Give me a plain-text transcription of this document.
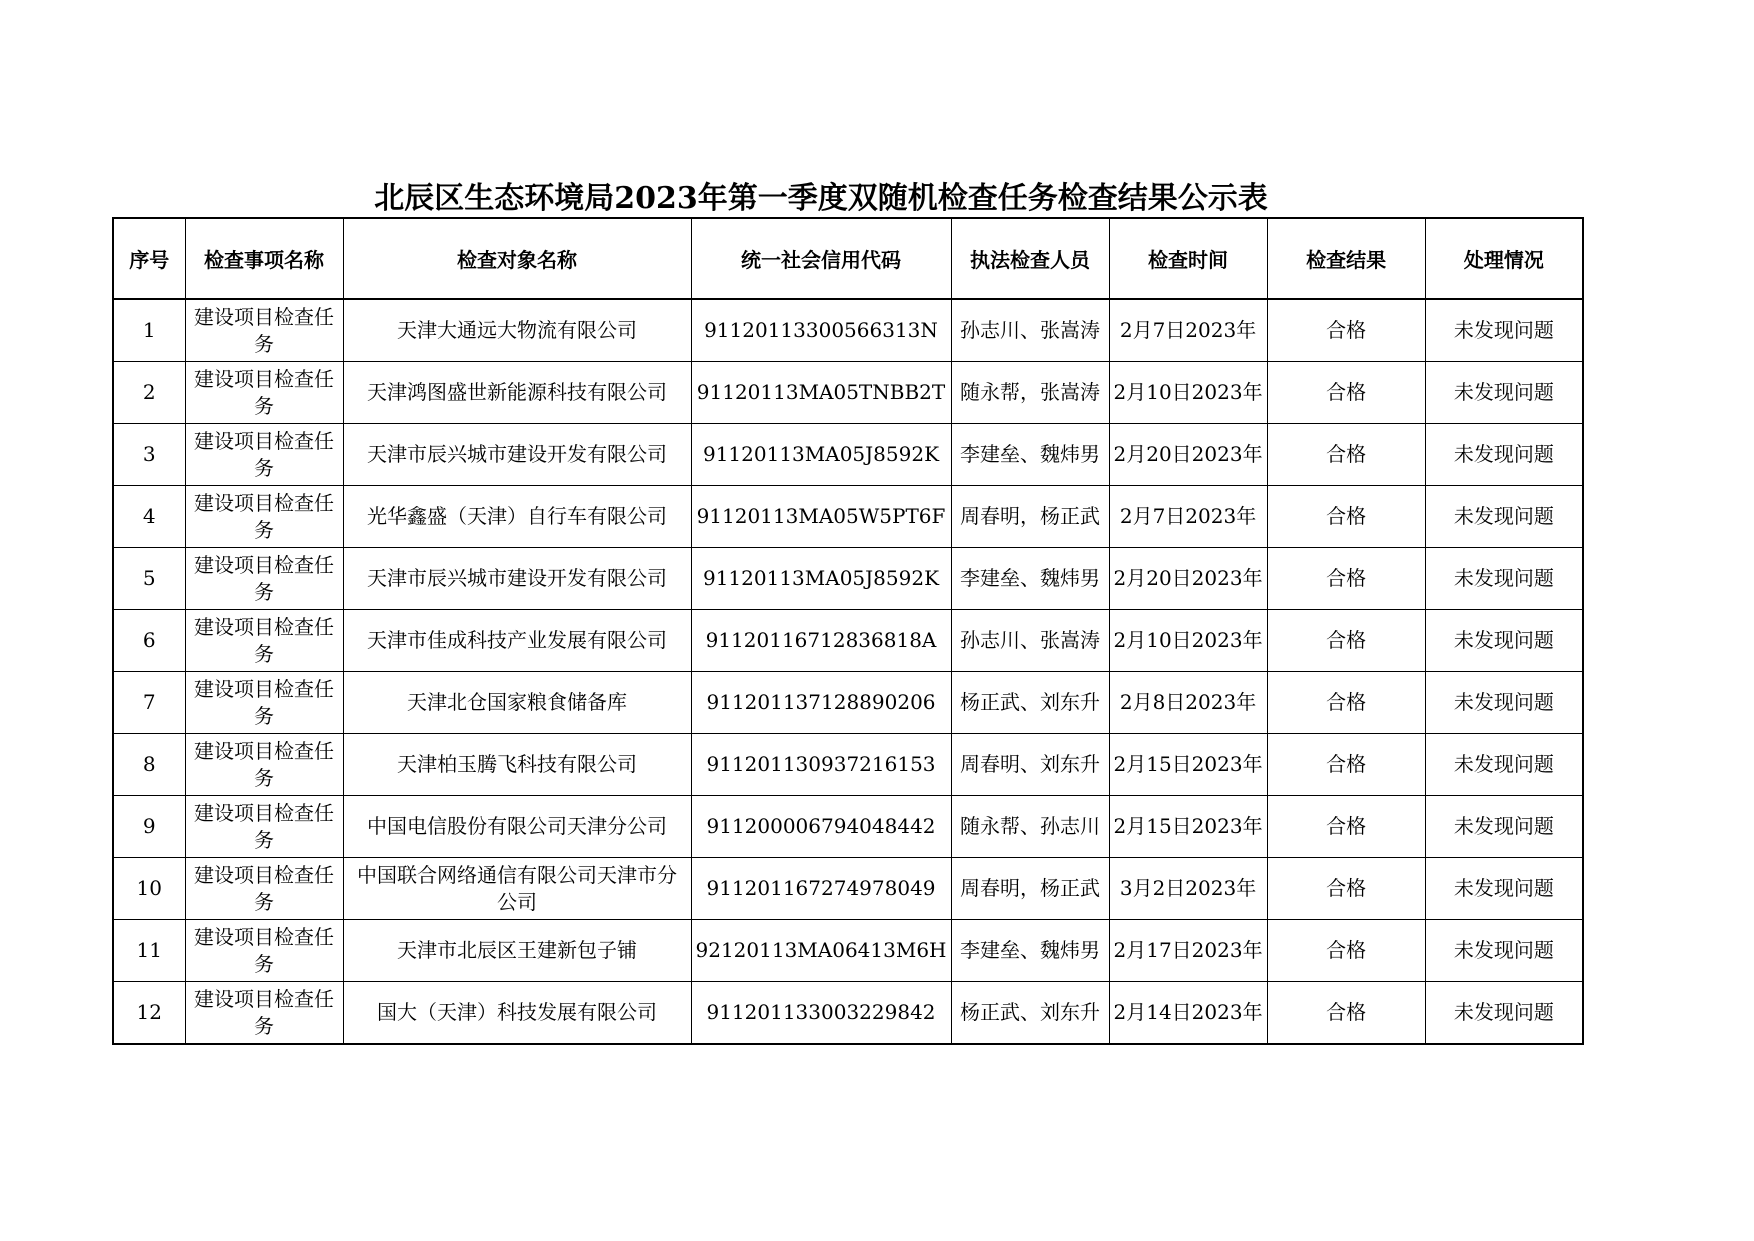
北辰区生态环境局2023年第一季度双随机检查任务检查结果公示表
序号	检查事项名称	检查对象名称	统一社会信用代码	执法检查人员	检查时间	检查结果	处理情况
1	建设项目检查任务	天津大通远大物流有限公司	91120113300566313N	孙志川、张嵩涛	2月7日2023年	合格	未发现问题
2	建设项目检查任务	天津鸿图盛世新能源科技有限公司	91120113MA05TNBB2T	随永帮，张嵩涛	2月10日2023年	合格	未发现问题
3	建设项目检查任务	天津市辰兴城市建设开发有限公司	91120113MA05J8592K	李建垒、魏炜男	2月20日2023年	合格	未发现问题
4	建设项目检查任务	光华鑫盛（天津）自行车有限公司	91120113MA05W5PT6F	周春明，杨正武	2月7日2023年	合格	未发现问题
5	建设项目检查任务	天津市辰兴城市建设开发有限公司	91120113MA05J8592K	李建垒、魏炜男	2月20日2023年	合格	未发现问题
6	建设项目检查任务	天津市佳成科技产业发展有限公司	91120116712836818A	孙志川、张嵩涛	2月10日2023年	合格	未发现问题
7	建设项目检查任务	天津北仓国家粮食储备库	911201137128890206	杨正武、刘东升	2月8日2023年	合格	未发现问题
8	建设项目检查任务	天津柏玉腾飞科技有限公司	911201130937216153	周春明、刘东升	2月15日2023年	合格	未发现问题
9	建设项目检查任务	中国电信股份有限公司天津分公司	911200006794048442	随永帮、孙志川	2月15日2023年	合格	未发现问题
10	建设项目检查任务	中国联合网络通信有限公司天津市分公司	911201167274978049	周春明，杨正武	3月2日2023年	合格	未发现问题
11	建设项目检查任务	天津市北辰区王建新包子铺	92120113MA06413M6H	李建垒、魏炜男	2月17日2023年	合格	未发现问题
12	建设项目检查任务	国大（天津）科技发展有限公司	911201133003229842	杨正武、刘东升	2月14日2023年	合格	未发现问题
